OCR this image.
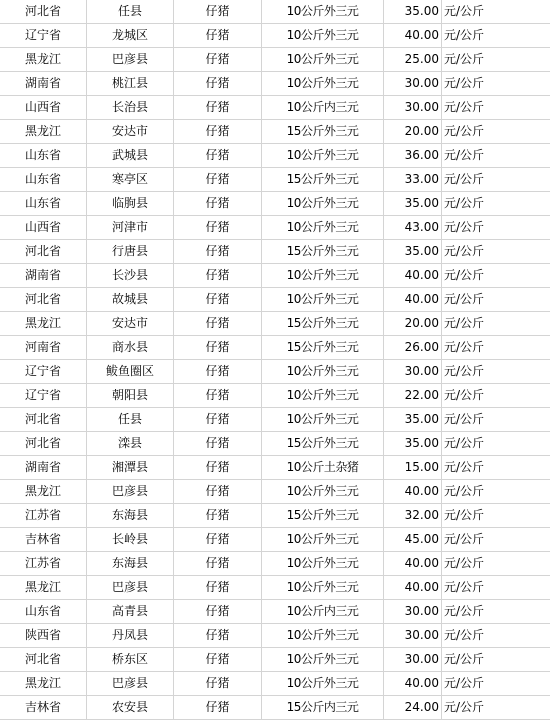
河北省	任县	仔猪	10公斤外三元	35.00	元/公斤
辽宁省	龙城区	仔猪	10公斤外三元	40.00	元/公斤
黑龙江	巴彦县	仔猪	10公斤外三元	25.00	元/公斤
湖南省	桃江县	仔猪	10公斤外三元	30.00	元/公斤
山西省	长治县	仔猪	10公斤内三元	30.00	元/公斤
黑龙江	安达市	仔猪	15公斤外三元	20.00	元/公斤
山东省	武城县	仔猪	10公斤外三元	36.00	元/公斤
山东省	寒亭区	仔猪	15公斤外三元	33.00	元/公斤
山东省	临朐县	仔猪	10公斤外三元	35.00	元/公斤
山西省	河津市	仔猪	10公斤外三元	43.00	元/公斤
河北省	行唐县	仔猪	15公斤外三元	35.00	元/公斤
湖南省	长沙县	仔猪	10公斤外三元	40.00	元/公斤
河北省	故城县	仔猪	10公斤外三元	40.00	元/公斤
黑龙江	安达市	仔猪	15公斤外三元	20.00	元/公斤
河南省	商水县	仔猪	15公斤外三元	26.00	元/公斤
辽宁省	鲅鱼圈区	仔猪	10公斤外三元	30.00	元/公斤
辽宁省	朝阳县	仔猪	10公斤外三元	22.00	元/公斤
河北省	任县	仔猪	10公斤外三元	35.00	元/公斤
河北省	滦县	仔猪	15公斤外三元	35.00	元/公斤
湖南省	湘潭县	仔猪	10公斤土杂猪	15.00	元/公斤
黑龙江	巴彦县	仔猪	10公斤外三元	40.00	元/公斤
江苏省	东海县	仔猪	15公斤外三元	32.00	元/公斤
吉林省	长岭县	仔猪	10公斤外三元	45.00	元/公斤
江苏省	东海县	仔猪	10公斤外三元	40.00	元/公斤
黑龙江	巴彦县	仔猪	10公斤外三元	40.00	元/公斤
山东省	高青县	仔猪	10公斤内三元	30.00	元/公斤
陕西省	丹凤县	仔猪	10公斤外三元	30.00	元/公斤
河北省	桥东区	仔猪	10公斤外三元	30.00	元/公斤
黑龙江	巴彦县	仔猪	10公斤外三元	40.00	元/公斤
吉林省	农安县	仔猪	15公斤内三元	24.00	元/公斤
